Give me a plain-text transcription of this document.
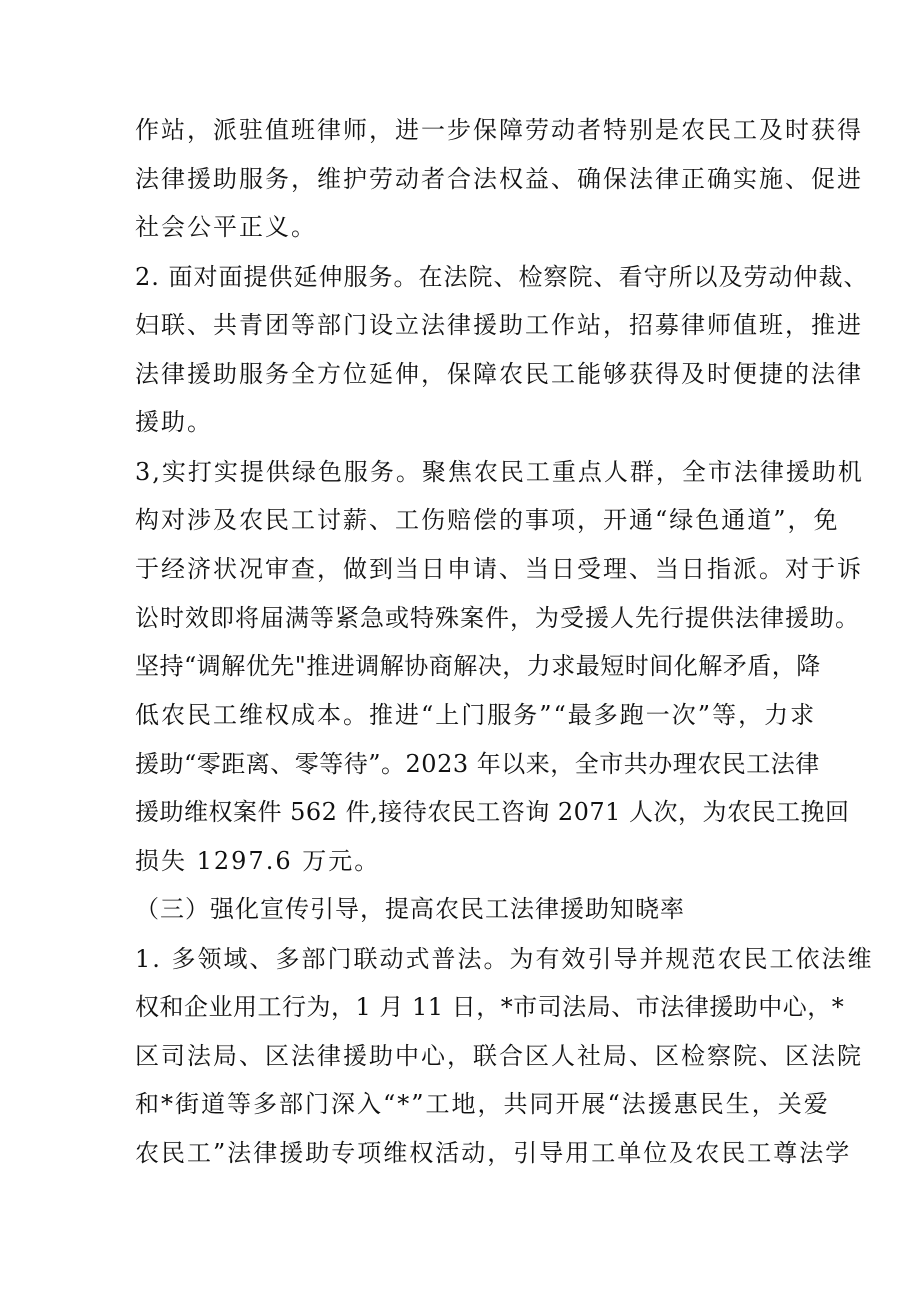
作站，派驻值班律师，进一步保障劳动者特别是农民工及时获得
法律援助服务，维护劳动者合法权益、确保法律正确实施、促进
社会公平正义。
2. 面对面提供延伸服务。在法院、检察院、看守所以及劳动仲裁、
妇联、共青团等部门设立法律援助工作站，招募律师值班，推进
法律援助服务全方位延伸，保障农民工能够获得及时便捷的法律
援助。
3,实打实提供绿色服务。聚焦农民工重点人群，全市法律援助机
构对涉及农民工讨薪、工伤赔偿的事项，开通“绿色通道”，免
于经济状况审查，做到当日申请、当日受理、当日指派。对于诉
讼时效即将届满等紧急或特殊案件，为受援人先行提供法律援助。
坚持“调解优先"推进调解协商解决，力求最短时间化解矛盾，降
低农民工维权成本。推进“上门服务”“最多跑一次”等，力求
援助“零距离、零等待”。2023 年以来，全市共办理农民工法律
援助维权案件 562 件,接待农民工咨询 2071 人次，为农民工挽回
损失 1297.6 万元。
（三）强化宣传引导，提高农民工法律援助知晓率
1. 多领域、多部门联动式普法。为有效引导并规范农民工依法维
权和企业用工行为，1 月 11 日，*市司法局、市法律援助中心，*
区司法局、区法律援助中心，联合区人社局、区检察院、区法院
和*街道等多部门深入“*”工地，共同开展“法援惠民生，关爱
农民工”法律援助专项维权活动，引导用工单位及农民工尊法学
